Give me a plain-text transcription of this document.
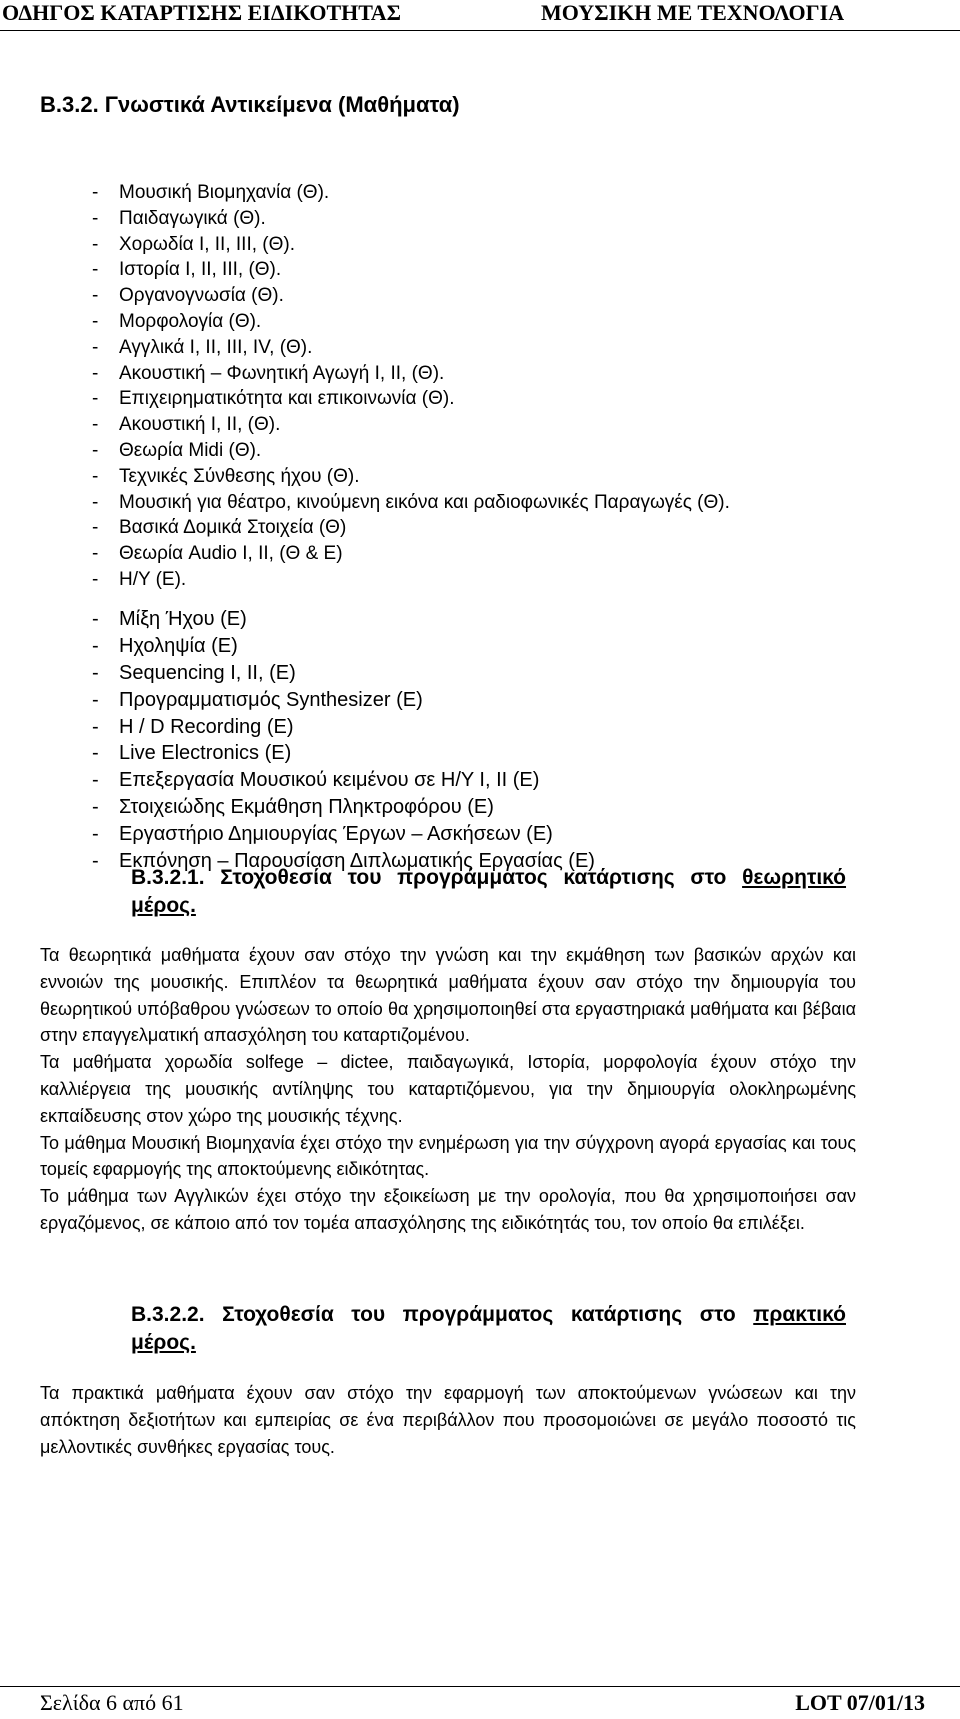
ΟΔΗΓΟΣ ΚΑΤΑΡΤΙΣΗΣ ΕΙΔΙΚΟΤΗΤΑΣ	ΜΟΥΣΙΚΗ ΜΕ ΤΕΧΝΟΛΟΓΙΑ
Β.3.2. Γνωστικά Αντικείμενα (Μαθήματα)
- Μουσική Βιομηχανία (Θ).
- Παιδαγωγικά (Θ).
- Χορωδία Ι, ΙΙ, ΙΙΙ, (Θ).
- Ιστορία Ι, ΙΙ, ΙΙΙ, (Θ).
- Οργανογνωσία (Θ).
- Μορφολογία (Θ).
- Αγγλικά Ι, ΙΙ, ΙΙΙ, ΙV, (Θ).
- Ακουστική – Φωνητική Αγωγή Ι, ΙΙ, (Θ).
- Επιχειρηματικότητα και επικοινωνία (Θ).
- Ακουστική Ι, ΙΙ, (Θ).
- Θεωρία Midi (Θ).
- Τεχνικές Σύνθεσης ήχου (Θ).
- Μουσική για θέατρο, κινούμενη εικόνα και ραδιοφωνικές Παραγωγές (Θ).
- Βασικά Δομικά Στοιχεία (Θ)
- Θεωρία Audio I, II, (Θ & Ε)
- Η/Υ (Ε).
- Μίξη Ήχου (Ε)
- Ηχοληψία (Ε)
- Sequencing I, II, (E)
- Προγραμματισμός Synthesizer (E)
- H / D Recording (E)
- Live Electronics (E)
- Επεξεργασία Μουσικού κειμένου σε Η/Υ Ι, ΙΙ (Ε)
- Στοιχειώδης Εκμάθηση Πληκτροφόρου (Ε)
- Εργαστήριο Δημιουργίας Έργων – Ασκήσεων (Ε)
- Εκπόνηση – Παρουσίαση Διπλωματικής Εργασίας (Ε)
Β.3.2.1. Στοχοθεσία του προγράμματος κατάρτισης στο θεωρητικό μέρος.

Τα θεωρητικά μαθήματα έχουν σαν στόχο την γνώση και την εκμάθηση των βασικών αρχών και εννοιών της μουσικής. Επιπλέον τα θεωρητικά μαθήματα έχουν σαν στόχο την δημιουργία του θεωρητικού υπόβαθρου γνώσεων το οποίο θα χρησιμοποιηθεί στα εργαστηριακά μαθήματα και βέβαια στην επαγγελματική απασχόληση του καταρτιζομένου.

Τα μαθήματα χορωδία solfege – dictee, παιδαγωγικά, Ιστορία, μορφολογία έχουν στόχο την καλλιέργεια της μουσικής αντίληψης του καταρτιζόμενου, για την δημιουργία ολοκληρωμένης εκπαίδευσης στον χώρο της μουσικής τέχνης.

Το μάθημα Μουσική Βιομηχανία έχει στόχο την ενημέρωση για την σύγχρονη αγορά εργασίας και τους τομείς εφαρμογής της αποκτούμενης ειδικότητας.

Το μάθημα των Αγγλικών έχει στόχο την εξοικείωση με την ορολογία, που θα χρησιμοποιήσει σαν εργαζόμενος, σε κάποιο από τον τομέα απασχόλησης της ειδικότητάς του, τον οποίο θα επιλέξει.

Β.3.2.2. Στοχοθεσία του προγράμματος κατάρτισης στο πρακτικό μέρος.

Τα πρακτικά μαθήματα έχουν σαν στόχο την εφαρμογή των αποκτούμενων γνώσεων και την απόκτηση δεξιοτήτων και εμπειρίας σε ένα περιβάλλον που προσομοιώνει σε μεγάλο ποσοστό τις μελλοντικές συνθήκες εργασίας τους.

Σελίδα 6 από 61	LOT 07/01/13
